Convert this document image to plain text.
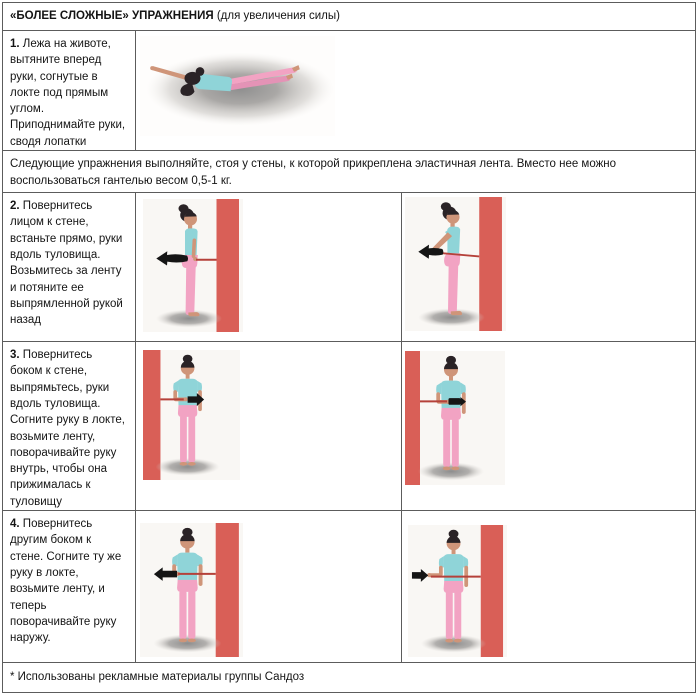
«БОЛЕЕ СЛОЖНЫЕ» УПРАЖНЕНИЯ (для увеличения силы)		
1. Лежа на животе, вытяните вперед руки, согнутые в локте под прямым углом. Приподнимайте руки, сводя лопатки	

Следующие упражнения выполняйте, стоя у стены, к которой прикреплена эластичная лента. Вместо нее можно воспользоваться гантелью весом 0,5-1 кг.		
2. Повернитесь лицом к стене, встаньте прямо, руки вдоль туловища. Возьмитесь за ленту и потяните ее выпрямленной рукой назад	

3. Повернитесь боком к стене, выпрямьтесь, руки вдоль туловища. Согните руку в локте, возьмите ленту, поворачивайте руку внутрь, чтобы она прижималась к туловищу	

4. Повернитесь другим боком к стене. Согните ту же руку в локте, возьмите ленту, и теперь поворачивайте руку наружу.	

* Использованы рекламные материалы группы Сандоз		
